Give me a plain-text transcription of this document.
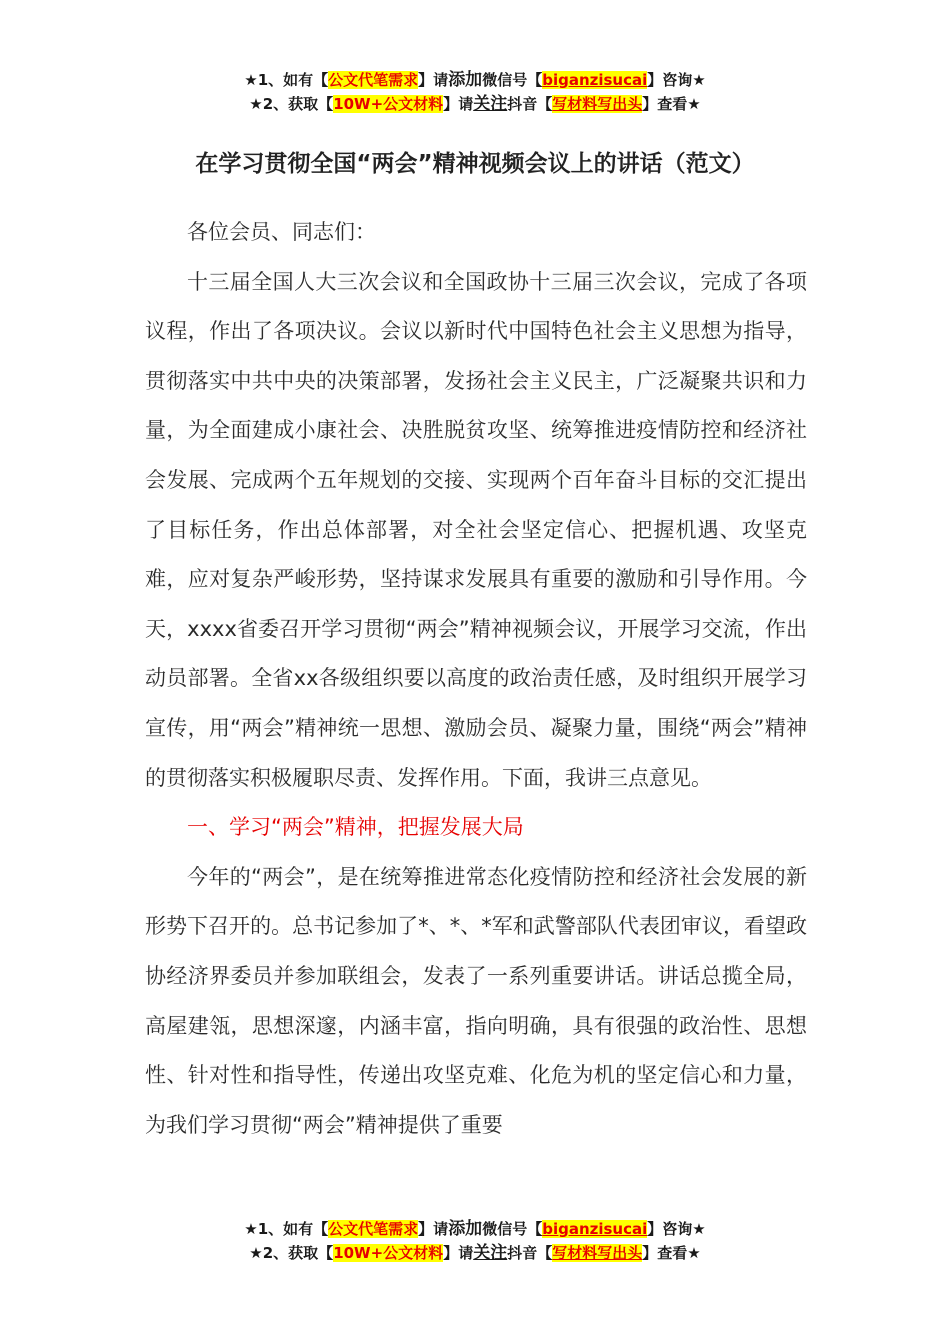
★1、如有【公文代笔需求】请添加微信号【biganzisucai】咨询★
★2、获取【10W+公文材料】请关注抖音【写材料写出头】查看★
在学习贯彻全国“两会”精神视频会议上的讲话（范文）

各位会员、同志们：

十三届全国人大三次会议和全国政协十三届三次会议，完成了各项议程，作出了各项决议。会议以新时代中国特色社会主义思想为指导，贯彻落实中共中央的决策部署，发扬社会主义民主，广泛凝聚共识和力量，为全面建成小康社会、决胜脱贫攻坚、统筹推进疫情防控和经济社会发展、完成两个五年规划的交接、实现两个百年奋斗目标的交汇提出了目标任务，作出总体部署，对全社会坚定信心、把握机遇、攻坚克难，应对复杂严峻形势，坚持谋求发展具有重要的激励和引导作用。今天，xxxx省委召开学习贯彻“两会”精神视频会议，开展学习交流，作出动员部署。全省xx各级组织要以高度的政治责任感，及时组织开展学习宣传，用“两会”精神统一思想、激励会员、凝聚力量，围绕“两会”精神的贯彻落实积极履职尽责、发挥作用。下面，我讲三点意见。

一、学习“两会”精神，把握发展大局

今年的“两会”，是在统筹推进常态化疫情防控和经济社会发展的新形势下召开的。总书记参加了*、*、*军和武警部队代表团审议，看望政协经济界委员并参加联组会，发表了一系列重要讲话。讲话总揽全局，高屋建瓴，思想深邃，内涵丰富，指向明确，具有很强的政治性、思想性、针对性和指导性，传递出攻坚克难、化危为机的坚定信心和力量，为我们学习贯彻“两会”精神提供了重要

★1、如有【公文代笔需求】请添加微信号【biganzisucai】咨询★
★2、获取【10W+公文材料】请关注抖音【写材料写出头】查看★
